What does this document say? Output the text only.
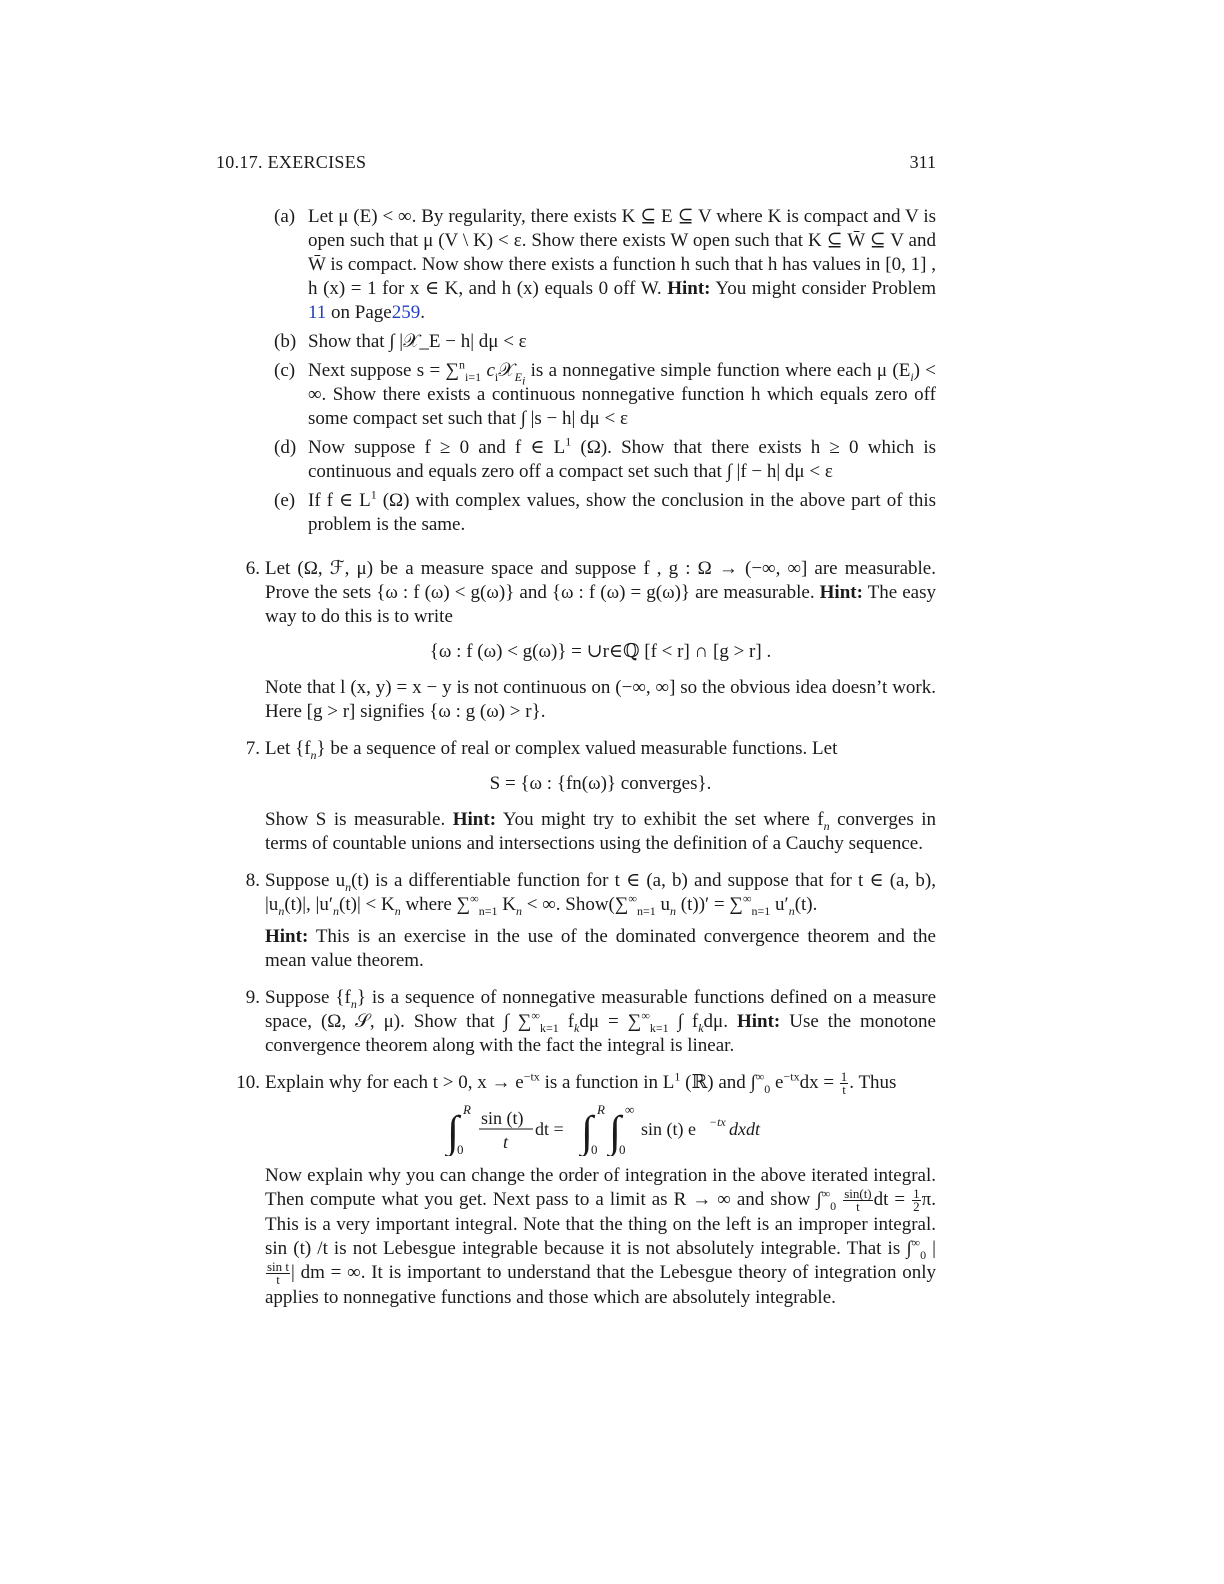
10.17. EXERCISES	311
(a) Let μ (E) < ∞. By regularity, there exists K ⊆ E ⊆ V where K is compact and V is open such that μ (V \ K) < ε. Show there exists W open such that K ⊆ W̄ ⊆ V and W̄ is compact. Now show there exists a function h such that h has values in [0, 1] , h (x) = 1 for x ∈ K, and h (x) equals 0 off W. Hint: You might consider Problem 11 on Page259.
(b) Show that ∫ |𝒳_E − h| dμ < ε
(c) Next suppose s = ∑$^n_{i=1}$ $c_i𝒳_{E_i}$ is a nonnegative simple function where each μ $(E_i)$ < ∞. Show there exists a continuous nonnegative function h which equals zero off some compact set such that ∫ |s − h| dμ < ε
(d) Now suppose f ≥ 0 and f ∈ $L^1$ (Ω). Show that there exists h ≥ 0 which is continuous and equals zero off a compact set such that ∫ |f − h| dμ < ε
(e) If f ∈ $L^1$ (Ω) with complex values, show the conclusion in the above part of this problem is the same.
6. Let (Ω, ℱ, μ) be a measure space and suppose f , g : Ω → (−∞, ∞] are measurable. Prove the sets {ω : f (ω) < g(ω)} and {ω : f (ω) = g(ω)} are measurable. Hint: The easy way to do this is to write

{ω : f (ω) < g(ω)} = ∪r∈ℚ [f < r] ∩ [g > r] .

Note that l (x, y) = x − y is not continuous on (−∞, ∞] so the obvious idea doesn’t work. Here [g > r] signifies {ω : g (ω) > r}.

7. Let $\{f_n\}$ be a sequence of real or complex valued measurable functions. Let

S = {ω : {fn(ω)} converges}.

Show S is measurable. Hint: You might try to exhibit the set where $f_n$ converges in terms of countable unions and intersections using the definition of a Cauchy sequence.

8. Suppose $u_n(t)$ is a differentiable function for t ∈ (a, b) and suppose that for t ∈ (a, b), $|u_n(t)|$, $|u'_n(t)| < K_n$ where $\sum^\infty_{n=1}$ $K_n$ < ∞. $Show(\sum^\infty_{n=1}$ $u_n$ $(t))' = \sum^\infty_{n=1}$ $u'_n(t)$.

Hint: This is an exercise in the use of the dominated convergence theorem and the mean value theorem.

9. Suppose $\{f_n\}$ is a sequence of nonnegative measurable functions defined on a measure space, (Ω, 𝒮, μ). Show that ∫ $\sum^\infty_{k=1}$ $f_kd\mu = \sum^\infty_{k=1}$ ∫ $f_kd\mu$. Hint: Use the monotone convergence theorem along with the fact the integral is linear.

10. Explain why for each t > 0, $x \to e^{-tx}$ is a function in $L^1$ (ℝ) and $\int^\infty_0$ $e^{-tx}dx = \frac{1}{t}$ . Thus

∫ R
0
sin (t)
t
dt = ∫ R
0 ∫ ∞
0
sin (t) e −tx dxdt

Now explain why you can change the order of integration in the above iterated integral. Then compute what you get. Next pass to a limit as R → ∞ and show $\int^\infty_0 \frac{\sin(t)}{t}$ dt = $\frac{1}{2} \pi$. This is a very important integral. Note that the thing on the left is an improper integral. sin (t) /t is not Lebesgue integrable because it is not absolutely integrable. That is $\int^\infty_0$ |
$\frac{\text{sin t}}{t}$ | dm = ∞. It is important to understand that the Lebesgue theory of integration only applies to nonnegative functions and those which are absolutely integrable.
